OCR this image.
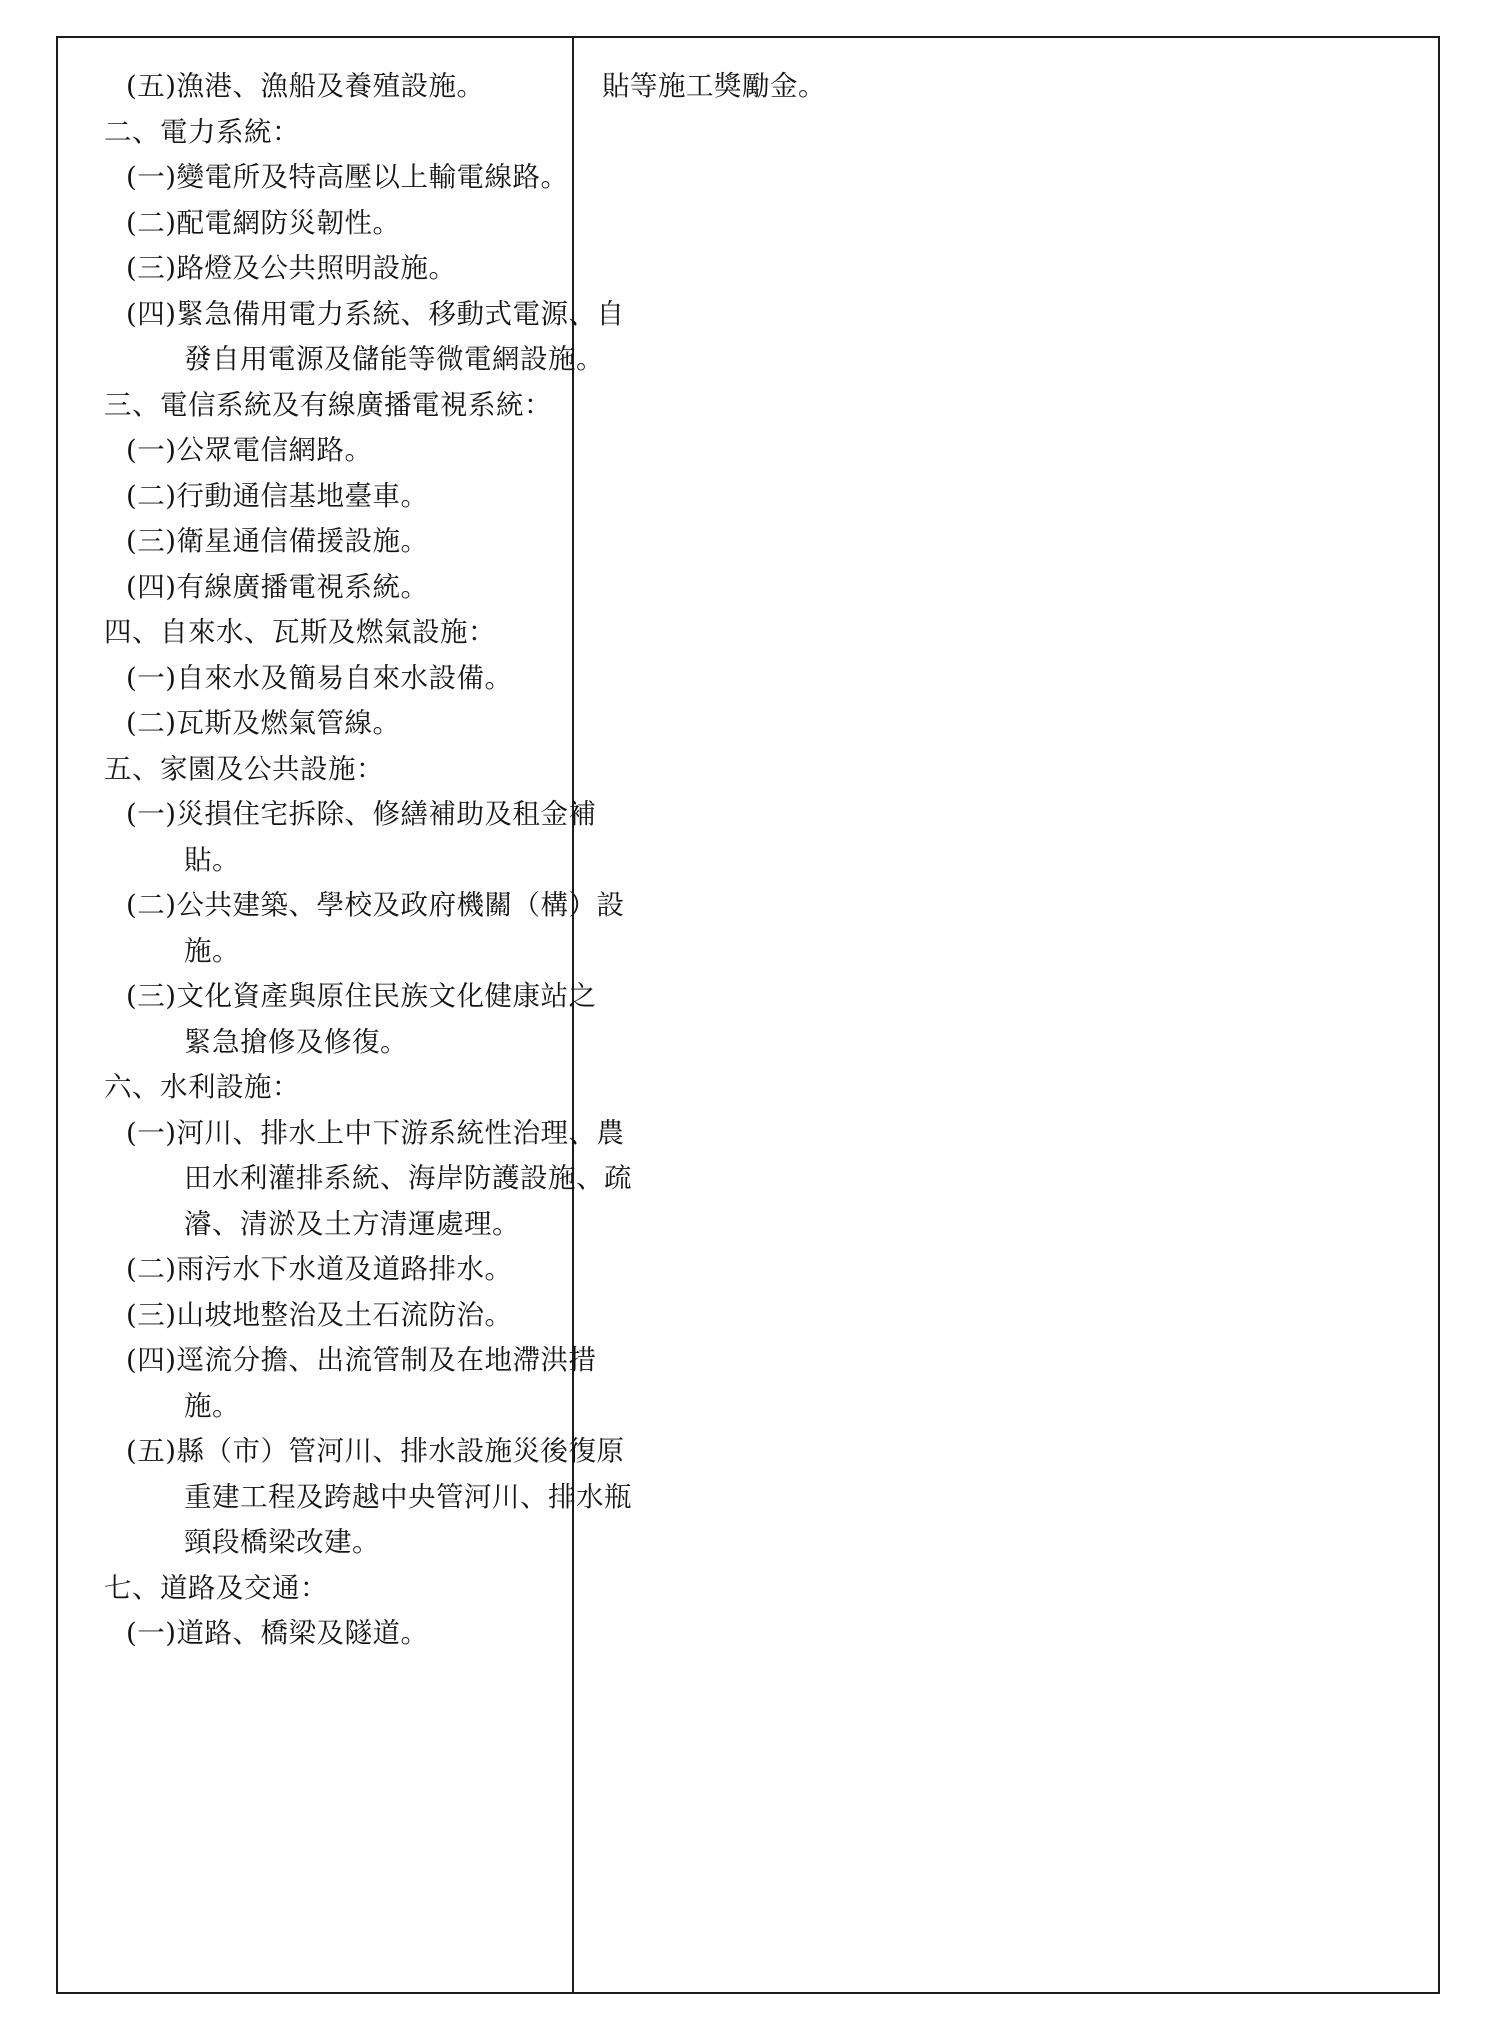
(五)漁港、漁船及養殖設施。
二、電力系統：
(一)變電所及特高壓以上輸電線路。
(二)配電網防災韌性。
(三)路燈及公共照明設施。
(四)緊急備用電力系統、移動式電源、自
發自用電源及儲能等微電網設施。
三、電信系統及有線廣播電視系統：
(一)公眾電信網路。
(二)行動通信基地臺車。
(三)衛星通信備援設施。
(四)有線廣播電視系統。
四、自來水、瓦斯及燃氣設施：
(一)自來水及簡易自來水設備。
(二)瓦斯及燃氣管線。
五、家園及公共設施：
(一)災損住宅拆除、修繕補助及租金補
貼。
(二)公共建築、學校及政府機關（構）設
施。
(三)文化資產與原住民族文化健康站之
緊急搶修及修復。
六、水利設施：
(一)河川、排水上中下游系統性治理、農
田水利灌排系統、海岸防護設施、疏
濬、清淤及土方清運處理。
(二)雨污水下水道及道路排水。
(三)山坡地整治及土石流防治。
(四)逕流分擔、出流管制及在地滯洪措
施。
(五)縣（市）管河川、排水設施災後復原
重建工程及跨越中央管河川、排水瓶
頸段橋梁改建。
七、道路及交通：
(一)道路、橋梁及隧道。
貼等施工獎勵金。
